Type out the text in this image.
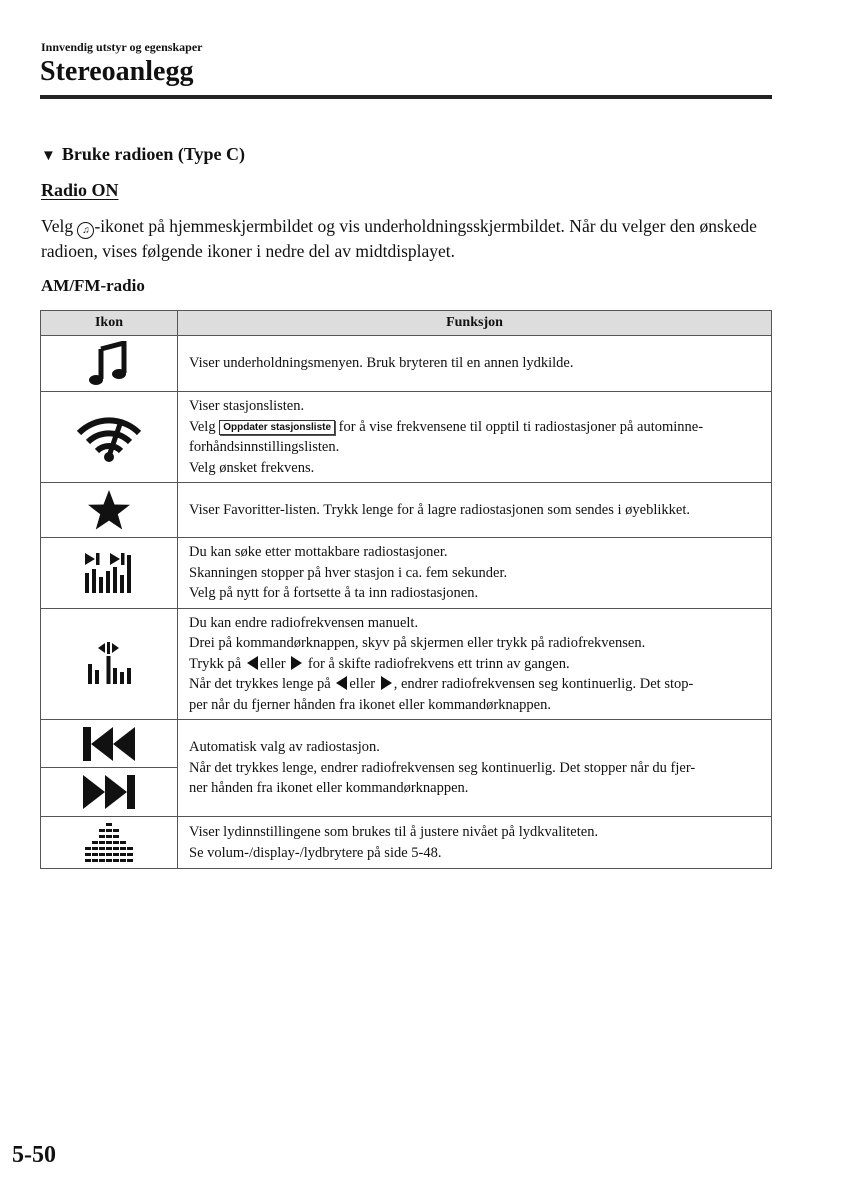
Innvendig utstyr og egenskaper
Stereoanlegg
▼ Bruke radioen (Type C)
Radio ON
Velg ♫ -ikonet på hjemmeskjermbildet og vis underholdningsskjermbildet. Når du velger den ønskede radioen, vises følgende ikoner i nedre del av midtdisplayet.
AM/FM-radio
Ikon	Funksjon

	Viser underholdningsmenyen. Bruk bryteren til en annen lydkilde.

Viser stasjonslisten.
Velg Oppdater stasjonsliste for å vise frekvensene til opptil ti radiostasjoner på autominne-
forhåndsinnstillingslisten.
Velg ønsket frekvens.

	Viser Favoritter-listen. Trykk lenge for å lagre radiostasjonen som sendes i øyeblikket.

Du kan søke etter mottakbare radiostasjoner.
Skanningen stopper på hver stasjon i ca. fem sekunder.
Velg på nytt for å fortsette å ta inn radiostasjonen.

Du kan endre radiofrekvensen manuelt.
Drei på kommandørknappen, skyv på skjermen eller trykk på radiofrekvensen.
Trykk på eller  for å skifte radiofrekvens ett trinn av gangen.
Når det trykkes lenge på eller , endrer radiofrekvensen seg kontinuerlig. Det stop-
per når du fjerner hånden fra ikonet eller kommandørknappen.

Automatisk valg av radiostasjon.
Når det trykkes lenge, endrer radiofrekvensen seg kontinuerlig. Det stopper når du fjer-
ner hånden fra ikonet eller kommandørknappen.

Viser lydinnstillingene som brukes til å justere nivået på lydkvaliteten.
Se volum-/display-/lydbrytere på side 5-48.
5-50
